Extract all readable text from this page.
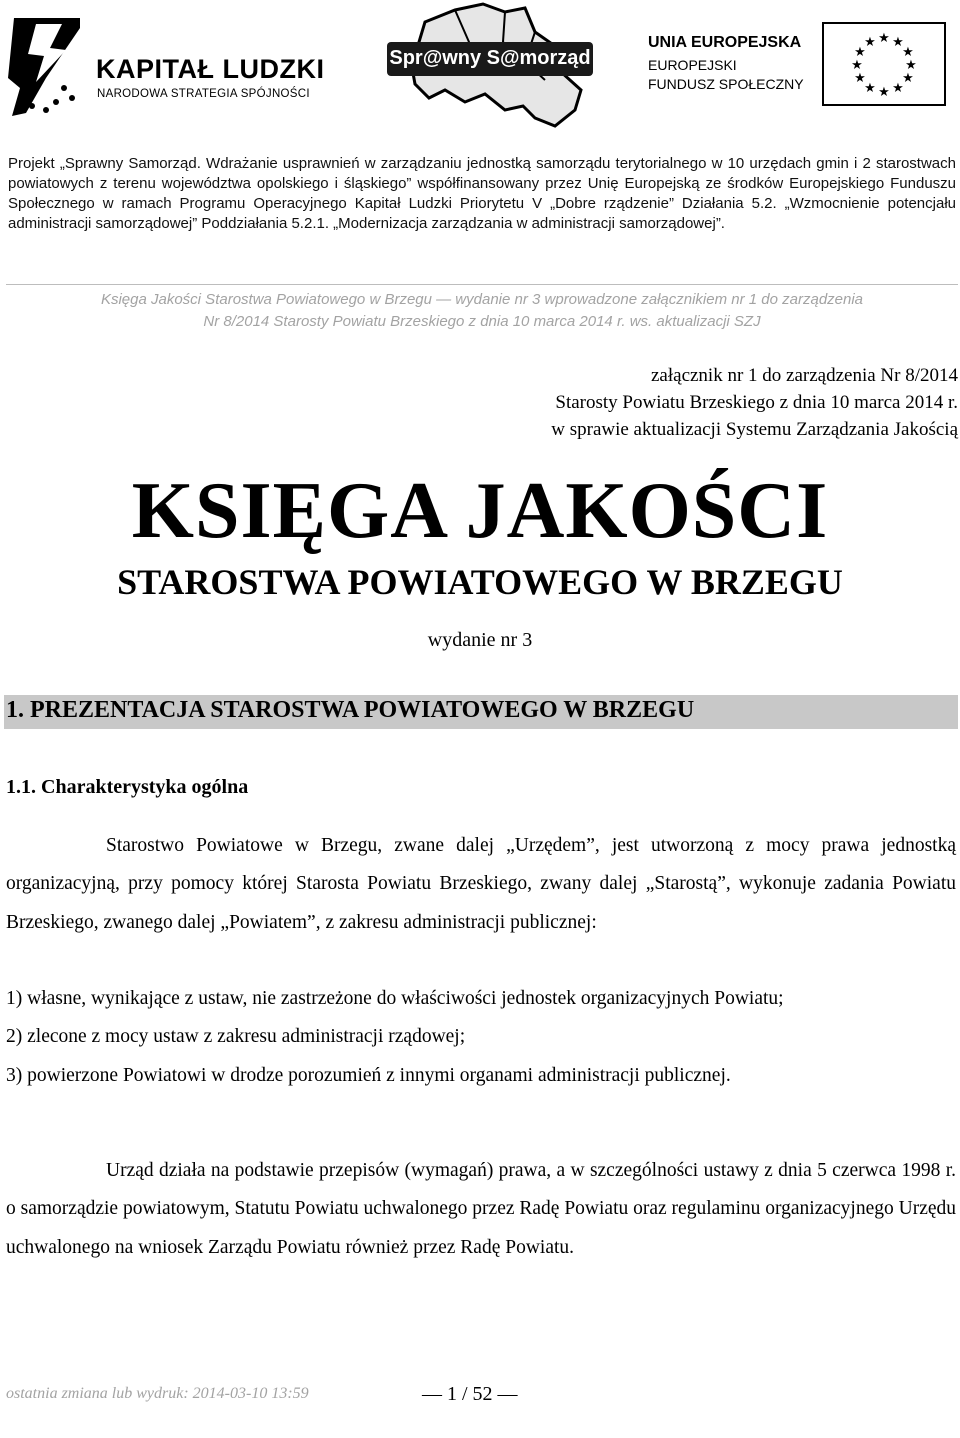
KAPITAŁ LUDZKI
NARODOWA STRATEGIA SPÓJNOŚCI
Spr@wny S@morząd
UNIA EUROPEJSKA
EUROPEJSKI
FUNDUSZ SPOŁECZNY
★ ★
★
★
★
★
★
★
★
★
★
★
Projekt „Sprawny Samorząd. Wdrażanie usprawnień w zarządzaniu jednostką samorządu terytorialnego w 10 urzędach gmin i 2 starostwach powiatowych z terenu województwa opolskiego i śląskiego” współfinansowany przez Unię Europejską ze środków Europejskiego Funduszu Społecznego w ramach Programu Operacyjnego Kapitał Ludzki Priorytetu V „Dobre rządzenie” Działania 5.2. „Wzmocnienie potencjału administracji samorządowej” Poddziałania 5.2.1. „Modernizacja zarządzania w administracji samorządowej”.
Księga Jakości Starostwa Powiatowego w Brzegu — wydanie nr 3 wprowadzone załącznikiem nr 1 do zarządzenia
Nr 8/2014 Starosty Powiatu Brzeskiego z dnia 10 marca 2014 r. ws. aktualizacji SZJ
załącznik nr 1 do zarządzenia Nr 8/2014
Starosty Powiatu Brzeskiego z dnia 10 marca 2014 r.
w sprawie aktualizacji Systemu Zarządzania Jakością
KSIĘGA JAKOŚCI
STAROSTWA POWIATOWEGO W BRZEGU
wydanie nr 3
1. PREZENTACJA STAROSTWA POWIATOWEGO W BRZEGU
1.1. Charakterystyka ogólna

Starostwo Powiatowe w Brzegu, zwane dalej „Urzędem”, jest utworzoną z mocy prawa jednostką organizacyjną, przy pomocy której Starosta Powiatu Brzeskiego, zwany dalej „Starostą”, wykonuje zadania Powiatu Brzeskiego, zwanego dalej „Powiatem”, z zakresu administracji publicznej:

1) własne, wynikające z ustaw, nie zastrzeżone do właściwości jednostek organizacyjnych Powiatu;

2) zlecone z mocy ustaw z zakresu administracji rządowej;

3) powierzone Powiatowi w drodze porozumień z innymi organami administracji publicznej.

Urząd działa na podstawie przepisów (wymagań) prawa, a w szczególności ustawy z dnia 5 czerwca 1998 r. o samorządzie powiatowym, Statutu Powiatu uchwalonego przez Radę Powiatu oraz regulaminu organizacyjnego Urzędu uchwalonego na wniosek Zarządu Powiatu również przez Radę Powiatu.

ostatnia zmiana lub wydruk: 2014-03-10 13:59	— 1 / 52 —
